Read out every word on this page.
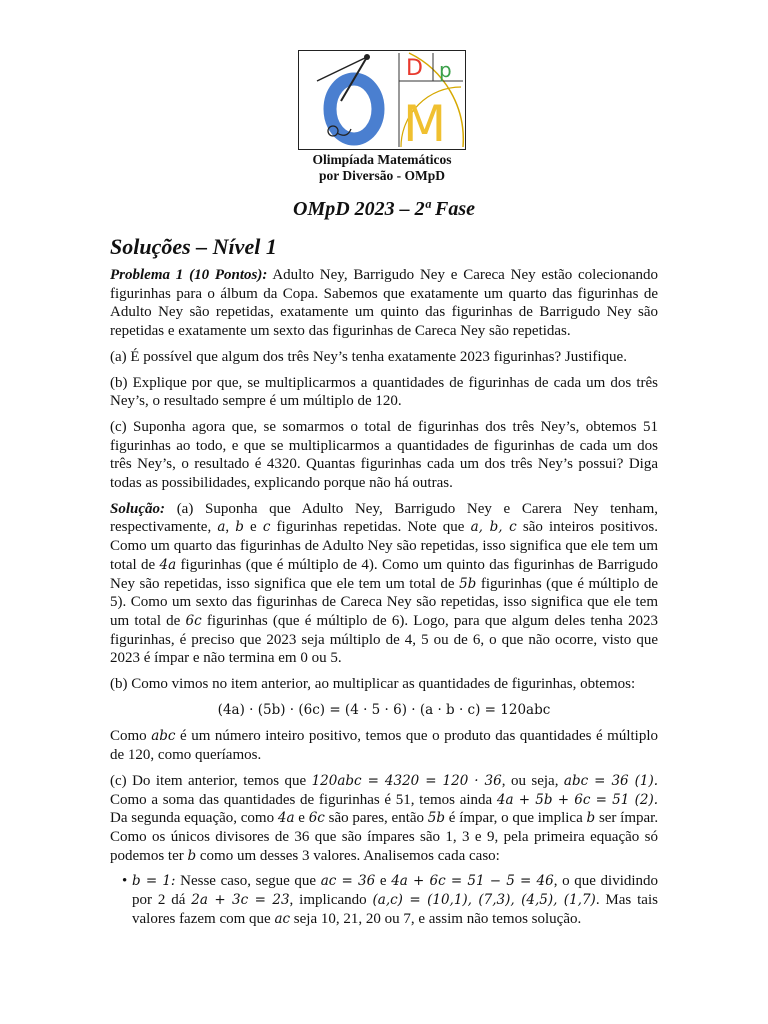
D p
M
Olimpíada Matemáticos
por Diversão - OMpD
OMpD 2023 – 2ª Fase
Soluções – Nível 1

Problema 1 (10 Pontos): Adulto Ney, Barrigudo Ney e Careca Ney estão colecionando figurinhas para o álbum da Copa. Sabemos que exatamente um quarto das figurinhas de Adulto Ney são repetidas, exatamente um quinto das figurinhas de Barrigudo Ney são repetidas e exatamente um sexto das figurinhas de Careca Ney são repetidas.

(a) É possível que algum dos três Ney’s tenha exatamente 2023 figurinhas? Justifique.

(b) Explique por que, se multiplicarmos a quantidades de figurinhas de cada um dos três Ney’s, o resultado sempre é um múltiplo de 120.

(c) Suponha agora que, se somarmos o total de figurinhas dos três Ney’s, obtemos 51 figurinhas ao todo, e que se multiplicarmos a quantidades de figurinhas de cada um dos três Ney’s, o resultado é 4320. Quantas figurinhas cada um dos três Ney’s possui? Diga todas as possibilidades, explicando porque não há outras.

Solução: (a) Suponha que Adulto Ney, Barrigudo Ney e Carera Ney tenham, respectivamente, a, b e c figurinhas repetidas. Note que a, b, c são inteiros positivos. Como um quarto das figurinhas de Adulto Ney são repetidas, isso significa que ele tem um total de 4a figurinhas (que é múltiplo de 4). Como um quinto das figurinhas de Barrigudo Ney são repetidas, isso significa que ele tem um total de 5b figurinhas (que é múltiplo de 5). Como um sexto das figurinhas de Careca Ney são repetidas, isso significa que ele tem um total de 6c figurinhas (que é múltiplo de 6). Logo, para que algum deles tenha 2023 figurinhas, é preciso que 2023 seja múltiplo de 4, 5 ou de 6, o que não ocorre, visto que 2023 é ímpar e não termina em 0 ou 5.

(b) Como vimos no item anterior, ao multiplicar as quantidades de figurinhas, obtemos:

(4a) · (5b) · (6c) = (4 · 5 · 6) · (a · b · c) = 120abc

Como abc é um número inteiro positivo, temos que o produto das quantidades é múltiplo de 120, como queríamos.

(c) Do item anterior, temos que 120abc = 4320 = 120 · 36, ou seja, abc = 36 (1). Como a soma das quantidades de figurinhas é 51, temos ainda 4a + 5b + 6c = 51 (2). Da segunda equação, como 4a e 6c são pares, então 5b é ímpar, o que implica b ser ímpar. Como os únicos divisores de 36 que são ímpares são 1, 3 e 9, pela primeira equação só podemos ter b como um desses 3 valores. Analisemos cada caso:

• b = 1: Nesse caso, segue que ac = 36 e 4a + 6c = 51 − 5 = 46, o que dividindo por 2 dá 2a + 3c = 23, implicando (a,c) = (10,1), (7,3), (4,5), (1,7). Mas tais valores fazem com que ac seja 10, 21, 20 ou 7, e assim não temos solução.
